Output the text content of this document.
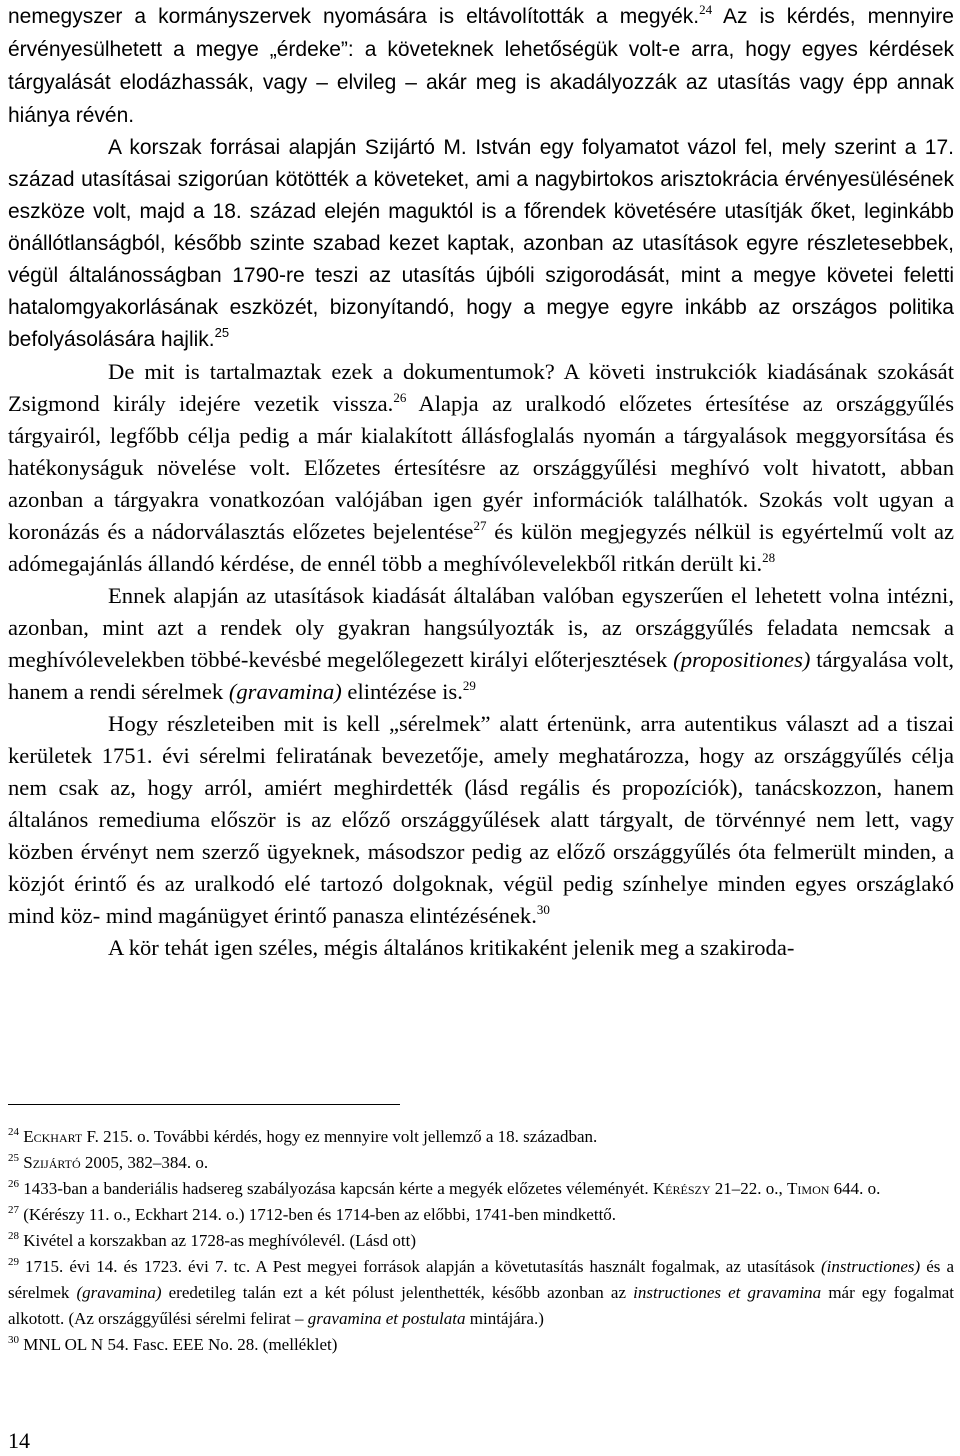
nemegyszer a kormányszervek nyomására is eltávolították a megyék.$^{24}$ Az is kérdés, mennyire érvényesülhetett a megye „érdeke”: a követeknek lehetőségük volt-e arra, hogy egyes kérdések tárgyalását elodázhassák, vagy – elvileg – akár meg is akadályozzák az utasítás vagy épp annak hiánya révén.

A korszak forrásai alapján Szijártó M. István egy folyamatot vázol fel, mely szerint a 17. század utasításai szigorúan kötötték a követeket, ami a nagybirtokos arisztokrácia érvényesülésének eszköze volt, majd a 18. század elején maguktól is a főrendek követésére utasítják őket, leginkább önállótlanságból, később szinte szabad kezet kaptak, azonban az utasítások egyre részletesebbek, végül általánosságban 1790-re teszi az utasítás újbóli szigorodását, mint a megye követei feletti hatalomgyakorlásának eszközét, bizonyítandó, hogy a megye egyre inkább az országos politika befolyásolására hajlik.$^{25}$

De mit is tartalmaztak ezek a dokumentumok? A követi instrukciók kiadásának szokását Zsigmond király idejére vezetik vissza.$^{26}$ Alapja az uralkodó előzetes értesítése az országgyűlés tárgyairól, legfőbb célja pedig a már kialakított állásfoglalás nyomán a tárgyalások meggyorsítása és hatékonyságuk növelése volt. Előzetes értesítésre az országgyűlési meghívó volt hivatott, abban azonban a tárgyakra vonatkozóan valójában igen gyér információk találhatók. Szokás volt ugyan a koronázás és a nádorválasztás előzetes bejelentése$^{27}$ és külön megjegyzés nélkül is egyértelmű volt az adómegajánlás állandó kérdése, de ennél több a meghívólevelekből ritkán derült ki.$^{28}$

Ennek alapján az utasítások kiadását általában valóban egyszerűen el lehetett volna intézni, azonban, mint azt a rendek oly gyakran hangsúlyozták is, az országgyűlés feladata nemcsak a meghívólevelekben többé-kevésbé megelőlegezett királyi előterjesztések (propositiones) tárgyalása volt, hanem a rendi sérelmek (gravamina) elintézése is.$^{29}$

Hogy részleteiben mit is kell „sérelmek” alatt értenünk, arra autentikus választ ad a tiszai kerületek 1751. évi sérelmi feliratának bevezetője, amely meghatározza, hogy az országgyűlés célja nem csak az, hogy arról, amiért meghirdették (lásd regális és propozíciók), tanácskozzon, hanem általános remediuma először is az előző országgyűlések alatt tárgyalt, de törvénnyé nem lett, vagy közben érvényt nem szerző ügyeknek, másodszor pedig az előző országgyűlés óta felmerült minden, a közjót érintő és az uralkodó elé tartozó dolgoknak, végül pedig színhelye minden egyes országlakó mind köz- mind magánügyet érintő panasza elintézésének.$^{30}$

A kör tehát igen széles, mégis általános kritikaként jelenik meg a szakiroda-

$^{24}$ Eckhart F. 215. o. További kérdés, hogy ez mennyire volt jellemző a 18. században.

$^{25}$ Szijártó 2005, 382–384. o.

$^{26}$ 1433-ban a banderiális hadsereg szabályozása kapcsán kérte a megyék előzetes véleményét. Kérészy 21–22. o., Timon 644. o.

$^{27}$ (Kérészy 11. o., Eckhart 214. o.) 1712-ben és 1714-ben az előbbi, 1741-ben mindkettő.

$^{28}$ Kivétel a korszakban az 1728-as meghívólevél. (Lásd ott)

$^{29}$ 1715. évi 14. és 1723. évi 7. tc. A Pest megyei források alapján a követutasítás használt fogalmak, az utasítások (instructiones) és a sérelmek (gravamina) eredetileg talán ezt a két pólust jelenthették, később azonban az instructiones et gravamina már egy fogalmat alkotott. (Az országgyűlési sérelmi felirat – gravamina et postulata mintájára.)

$^{30}$ MNL OL N 54. Fasc. EEE No. 28. (melléklet)

14
